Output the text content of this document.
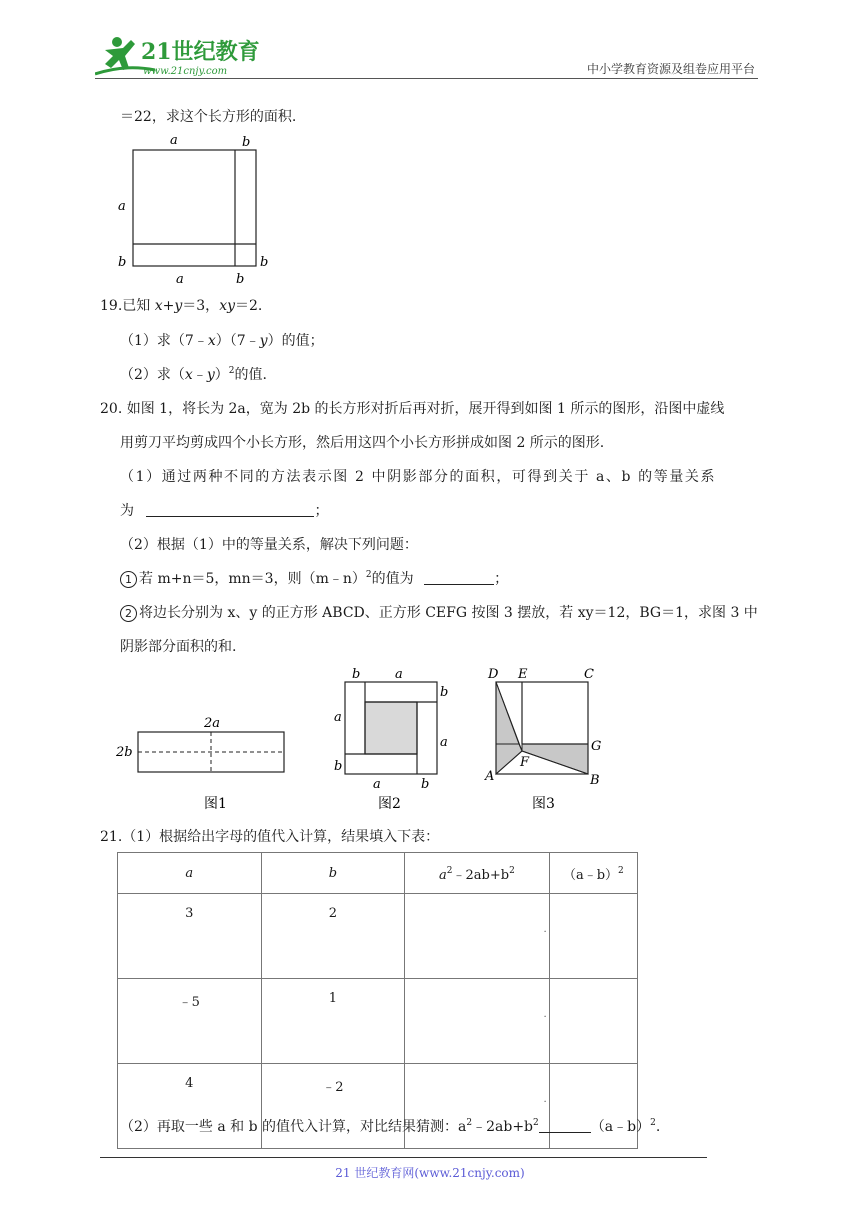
21世纪教育
www.21cnjy.com	中小学教育资源及组卷应用平台
＝22，求这个长方形的面积.
a	b
a
b
a	b
b
19.已知 x+y＝3，xy＝2.
（1）求（7﹣x）（7﹣y）的值；
（2）求（x﹣y）$^2$的值.
20. 如图 1，将长为 2a，宽为 2b 的长方形对折后再对折，展开得到如图 1 所示的图形，沿图中虚线
用剪刀平均剪成四个小长方形，然后用这四个小长方形拼成如图 2 所示的图形.
（1）通过两种不同的方法表示图 2 中阴影部分的面积，可得到关于 a、b 的等量关系
为	；
（2）根据（1）中的等量关系，解决下列问题：
1 若 m+n＝5，mn＝3，则（m﹣n）$^2$的值为	；
2 将边长分别为 x、y 的正方形 ABCD、正方形 CEFG 按图 3 摆放，若 xy＝12，BG＝1，求图 3 中
阴影部分面积的和.
2a
2b
图1
b	a
b
a
a
b
a	b
图2
D E	C
G
F
A	B
图3
21.（1）根据给出字母的值代入计算，结果填入下表：
a	b	$a^2﹣2ab+b^2$	（a﹣b）$^2$
3	2	.	

﹣5	1	.	

4	﹣2	.	

（2）再取一些 a 和 b 的值代入计算，对比结果猜测：$a^2﹣2ab+b^2$	（a﹣b）$^2$.
21 世纪教育网(www.21cnjy.com)
